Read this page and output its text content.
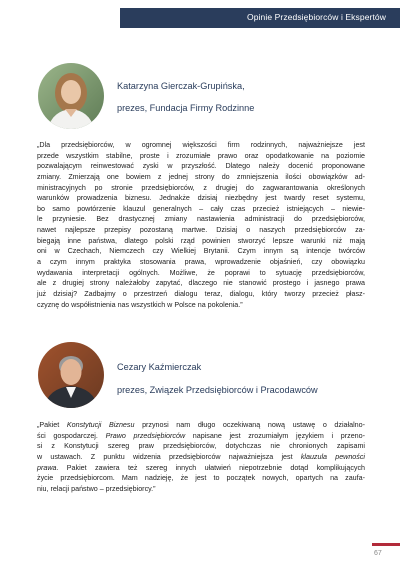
Opinie Przedsiębiorców i Ekspertów
Katarzyna Gierczak-Grupińska,
prezes, Fundacja Firmy Rodzinne
„Dla przedsiębiorców, w ogromnej większości firm rodzinnych, najważniejsze jest
przede wszystkim stabilne, proste i zrozumiałe prawo oraz opodatkowanie na poziomie
pozwalającym reinwestować zyski w przyszłość. Dlatego należy docenić proponowane
zmiany. Zmierzają one bowiem z jednej strony do zmniejszenia ilości obowiązków ad-
ministracyjnych po stronie przedsiębiorców, z drugiej do zagwarantowania określonych
warunków prowadzenia biznesu. Jednakże dzisiaj niezbędny jest twardy reset systemu,
bo samo powtórzenie klauzul generalnych – cały czas przecież istniejących – niewie-
le przyniesie. Bez drastycznej zmiany nastawienia administracji do przedsiębiorców,
nawet najlepsze przepisy pozostaną martwe. Dzisiaj o naszych przedsiębiorców za-
biegają inne państwa, dlatego polski rząd powinien stworzyć lepsze warunki niż mają
oni w Czechach, Niemczech czy Wielkiej Brytanii. Czym innym są intencje twórców
a czym innym praktyka stosowania prawa, wprowadzenie objaśnień, czy obowiązku
wydawania interpretacji ogólnych. Możliwe, że poprawi to sytuację przedsiębiorców,
ale z drugiej strony należałoby zapytać, dlaczego nie stanowić prostego i jasnego prawa
już dzisiaj? Zadbajmy o przestrzeń dialogu teraz, dialogu, który tworzy przecież płasz-
czyznę do współistnienia nas wszystkich w Polsce na pokolenia.”
Cezary Kaźmierczak
prezes, Związek Przedsiębiorców i Pracodawców
„Pakiet Konstytucji Biznesu przynosi nam długo oczekiwaną nową ustawę o działalno-
ści gospodarczej. Prawo przedsiębiorców napisane jest zrozumiałym językiem i przeno-
si z Konstytucji szereg praw przedsiębiorców, dotychczas nie chronionych zapisami
w ustawach. Z punktu widzenia przedsiębiorców najważniejsza jest klauzula pewności
prawa. Pakiet zawiera też szereg innych ułatwień niepotrzebnie dotąd komplikujących
życie przedsiębiorcom. Mam nadzieję, że jest to początek nowych, opartych na zaufa-
niu, relacji państwo – przedsiębiorcy.”
67
